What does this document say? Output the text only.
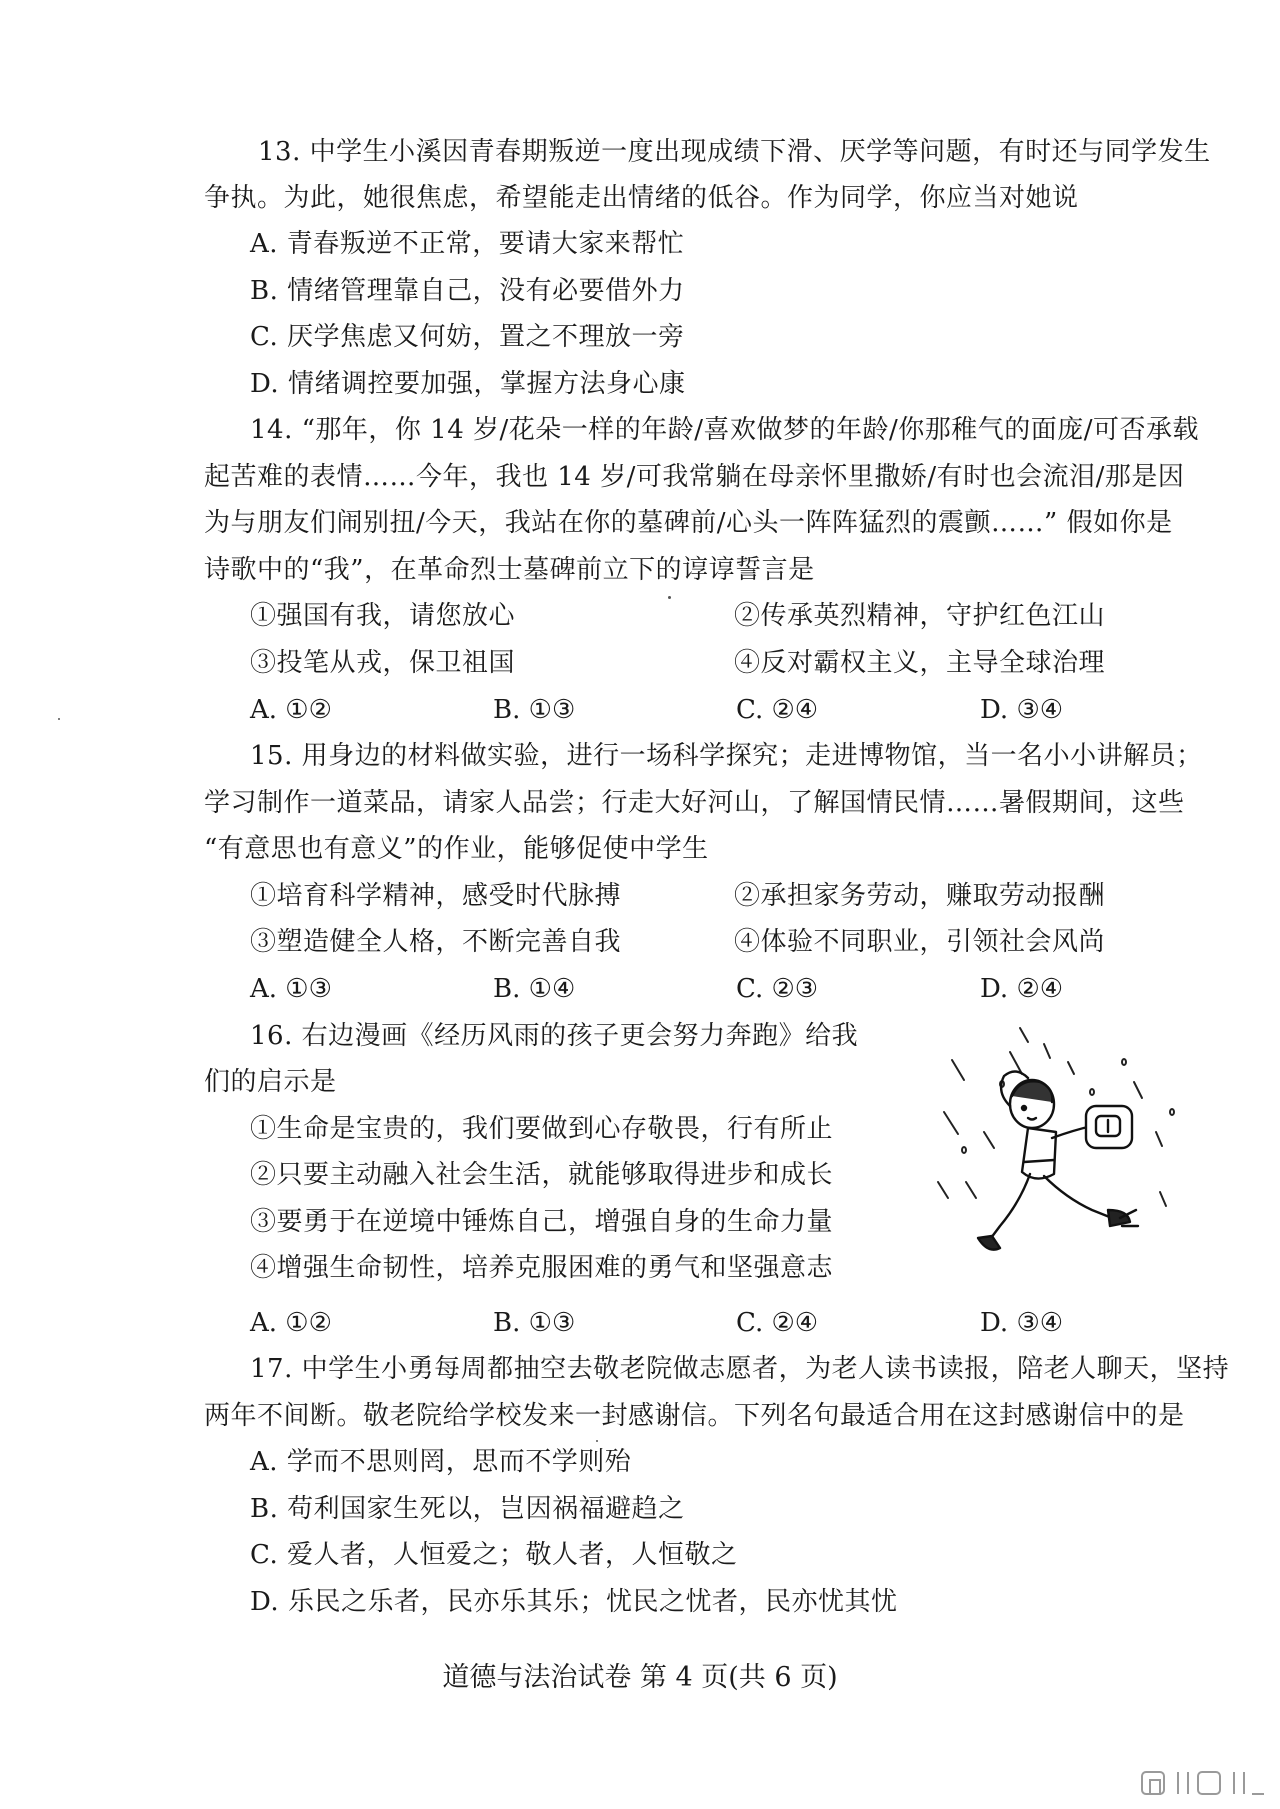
13. 中学生小溪因青春期叛逆一度出现成绩下滑、厌学等问题，有时还与同学发生
争执。为此，她很焦虑，希望能走出情绪的低谷。作为同学，你应当对她说
A. 青春叛逆不正常，要请大家来帮忙
B. 情绪管理靠自己，没有必要借外力
C. 厌学焦虑又何妨，置之不理放一旁
D. 情绪调控要加强，掌握方法身心康
14. “那年，你 14 岁/花朵一样的年龄/喜欢做梦的年龄/你那稚气的面庞/可否承载
起苦难的表情……今年，我也 14 岁/可我常躺在母亲怀里撒娇/有时也会流泪/那是因
为与朋友们闹别扭/今天，我站在你的墓碑前/心头一阵阵猛烈的震颤……” 假如你是
诗歌中的“我”，在革命烈士墓碑前立下的谆谆誓言是
①强国有我，请您放心	②传承英烈精神，守护红色江山
③投笔从戎，保卫祖国	④反对霸权主义，主导全球治理
A. ①②	B. ①③	C. ②④	D. ③④
15. 用身边的材料做实验，进行一场科学探究；走进博物馆，当一名小小讲解员；
学习制作一道菜品，请家人品尝；行走大好河山，了解国情民情……暑假期间，这些
“有意思也有意义”的作业，能够促使中学生
①培育科学精神，感受时代脉搏	②承担家务劳动，赚取劳动报酬
③塑造健全人格，不断完善自我	④体验不同职业，引领社会风尚
A. ①③	B. ①④	C. ②③	D. ②④
16. 右边漫画《经历风雨的孩子更会努力奔跑》给我
们的启示是
①生命是宝贵的，我们要做到心存敬畏，行有所止
②只要主动融入社会生活，就能够取得进步和成长
③要勇于在逆境中锤炼自己，增强自身的生命力量
④增强生命韧性，培养克服困难的勇气和坚强意志
A. ①②	B. ①③	C. ②④	D. ③④
17. 中学生小勇每周都抽空去敬老院做志愿者，为老人读书读报，陪老人聊天，坚持
两年不间断。敬老院给学校发来一封感谢信。下列名句最适合用在这封感谢信中的是
A. 学而不思则罔，思而不学则殆
B. 苟利国家生死以，岂因祸福避趋之
C. 爱人者，人恒爱之；敬人者，人恒敬之
D. 乐民之乐者，民亦乐其乐；忧民之忧者，民亦忧其忧
道德与法治试卷 第 4 页(共 6 页)
